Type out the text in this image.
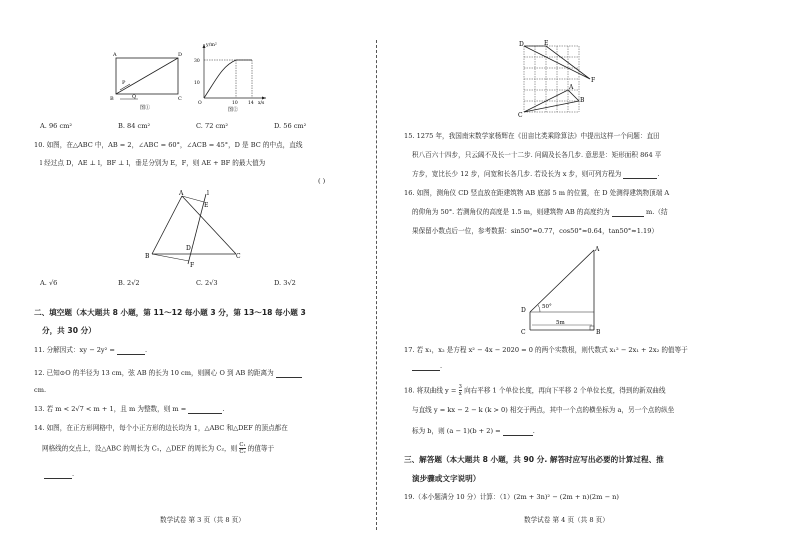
A	D
P
Q
B	C
图①
y/m²
30
10
O	10 14 x/s
图②
A. 96 cm²	B. 84 cm²	C. 72 cm²	D. 56 cm²
10. 如图，在△ABC 中，AB = 2，∠ABC = 60°，∠ACB = 45°，D 是 BC 的中点，直线
l 经过点 D，AE ⊥ l，BF ⊥ l，垂足分别为 E，F，则 AE + BF 的最大值为
( )
A	l
E
D
B
F
C
A. √6	B. 2√2	C. 2√3	D. 3√2
二、填空题（本大题共 8 小题，第 11～12 每小题 3 分，第 13～18 每小题 3
分，共 30 分）
11. 分解因式：xy − 2y² =	.
12. 已知⊙O 的半径为 13 cm，弦 AB 的长为 10 cm，则圆心 O 到 AB 的距离为
cm.
13. 若 m < 2√7 < m + 1，且 m 为整数，则 m =	.
14. 如图，在正方形网格中，每个小正方形的边长均为 1，△ABC 和△DEF 的顶点都在
网格线的交点上，设△ABC 的周长为 C₁，△DEF 的周长为 C₂，则 $\frac{\text{C₁}}{\text{C₂}}$ 的值等于
.
数学试卷 第 3 页（共 8 页）
D	E
F
A
B
C
15. 1275 年，我国南宋数学家杨辉在《田亩比类乘除算法》中提出这样一个问题：直田
积八百六十四步，只云阔不及长一十二步. 问阔及长各几步. 意思是：矩形面积 864 平
方步，宽比长少 12 步，问宽和长各几步. 若设长为 x 步，则可列方程为	.
16. 如图，测角仪 CD 竖直放在距建筑物 AB 底部 5 m 的位置，在 D 处测得建筑物顶端 A
的仰角为 50°. 若测角仪的高度是 1.5 m，则建筑物 AB 的高度约为	m.（结
果保留小数点后一位，参考数据：sin50°≈0.77，cos50°≈0.64，tan50°≈1.19）
A
D	50°
C
5m
B
17. 若 x₁，x₂ 是方程 x² − 4x − 2020 = 0 的两个实数根，则代数式 x₁² − 2x₁ + 2x₂ 的值等于
.
18. 将双曲线 $y = \frac{3}{x}$ 向右平移 1 个单位长度，再向下平移 2 个单位长度，得到的新双曲线
与直线 y = kx − 2 − k (k > 0) 相交于两点，其中一个点的横坐标为 a，另一个点的纵坐
标为 b，则 (a − 1)(b + 2) =	.
三、解答题（本大题共 8 小题，共 90 分. 解答时应写出必要的计算过程、推
演步骤或文字说明）
19.（本小题满分 10 分）计算：（1）(2m + 3n)² − (2m + n)(2m − n)
数学试卷 第 4 页（共 8 页）
